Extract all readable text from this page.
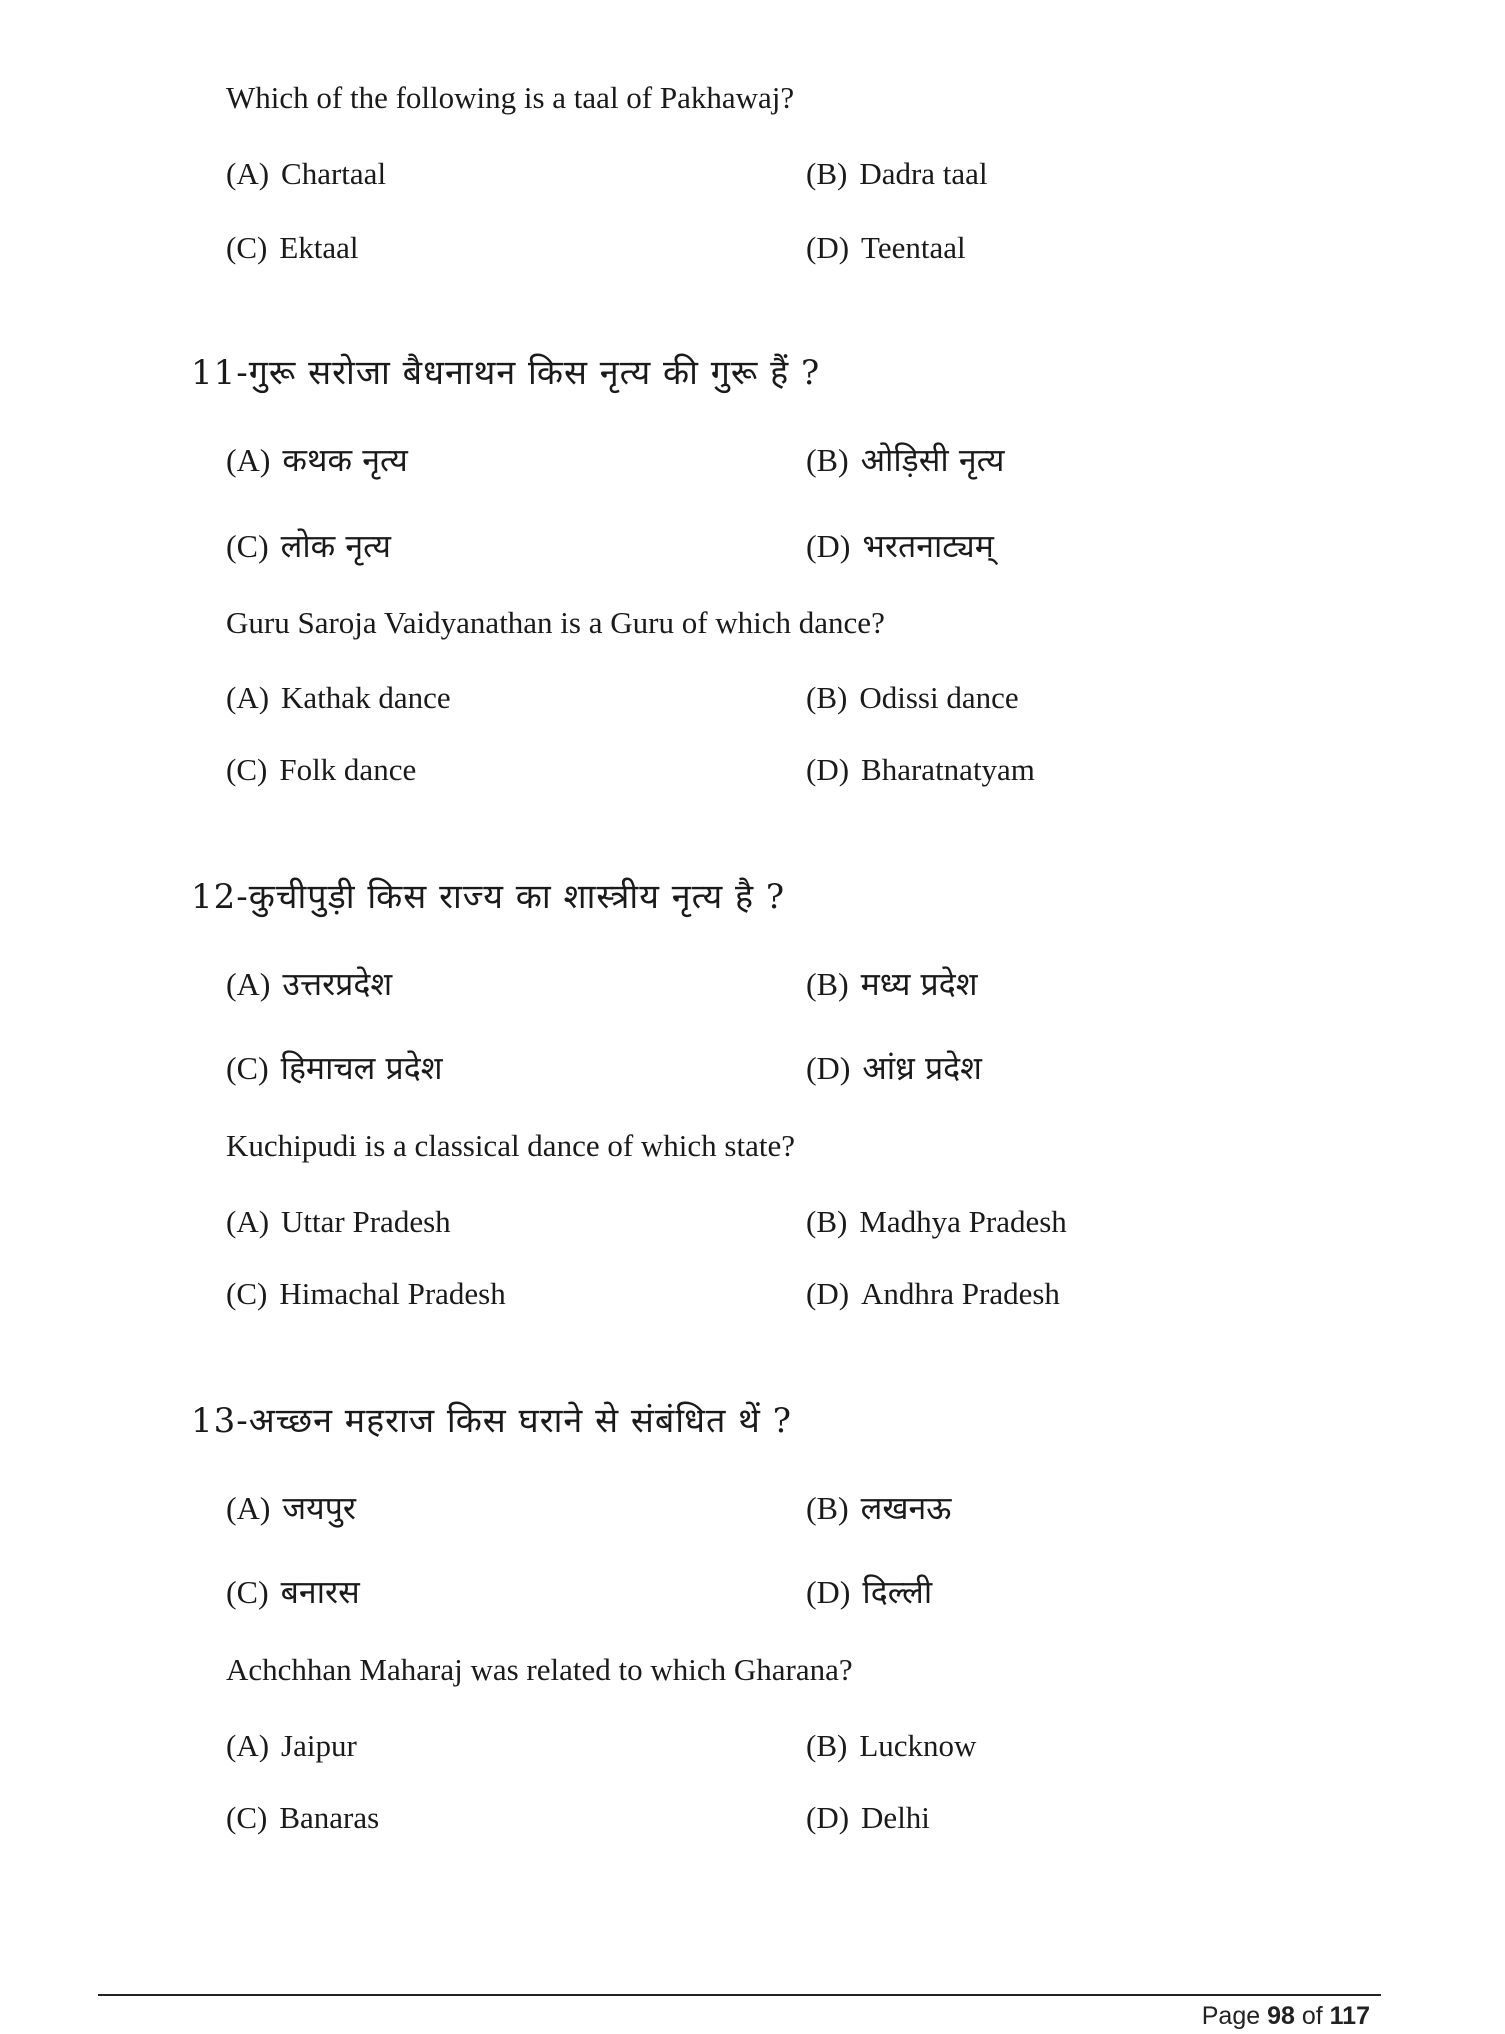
Which of the following is a taal of Pakhawaj?
(A) Chartaal	(B) Dadra taal
(C) Ektaal	(D) Teentaal
11-गुरू सरोजा बैधनाथन किस नृत्य की गुरू हैं ?
(A) कथक नृत्य	(B) ओड़िसी नृत्य
(C) लोक नृत्य	(D) भरतनाट्यम्
Guru Saroja Vaidyanathan is a Guru of which dance?
(A) Kathak dance	(B) Odissi dance
(C) Folk dance	(D) Bharatnatyam
12-कुचीपुड़ी किस राज्य का शास्त्रीय नृत्य है ?
(A) उत्तरप्रदेश	(B) मध्य प्रदेश
(C) हिमाचल प्रदेश	(D) आंध्र प्रदेश
Kuchipudi is a classical dance of which state?
(A) Uttar Pradesh	(B) Madhya Pradesh
(C) Himachal Pradesh	(D) Andhra Pradesh
13-अच्छन महराज किस घराने से संबंधित थें ?
(A) जयपुर	(B) लखनऊ
(C) बनारस	(D) दिल्ली
Achchhan Maharaj was related to which Gharana?
(A) Jaipur	(B) Lucknow
(C) Banaras	(D) Delhi
Page 98 of 117
